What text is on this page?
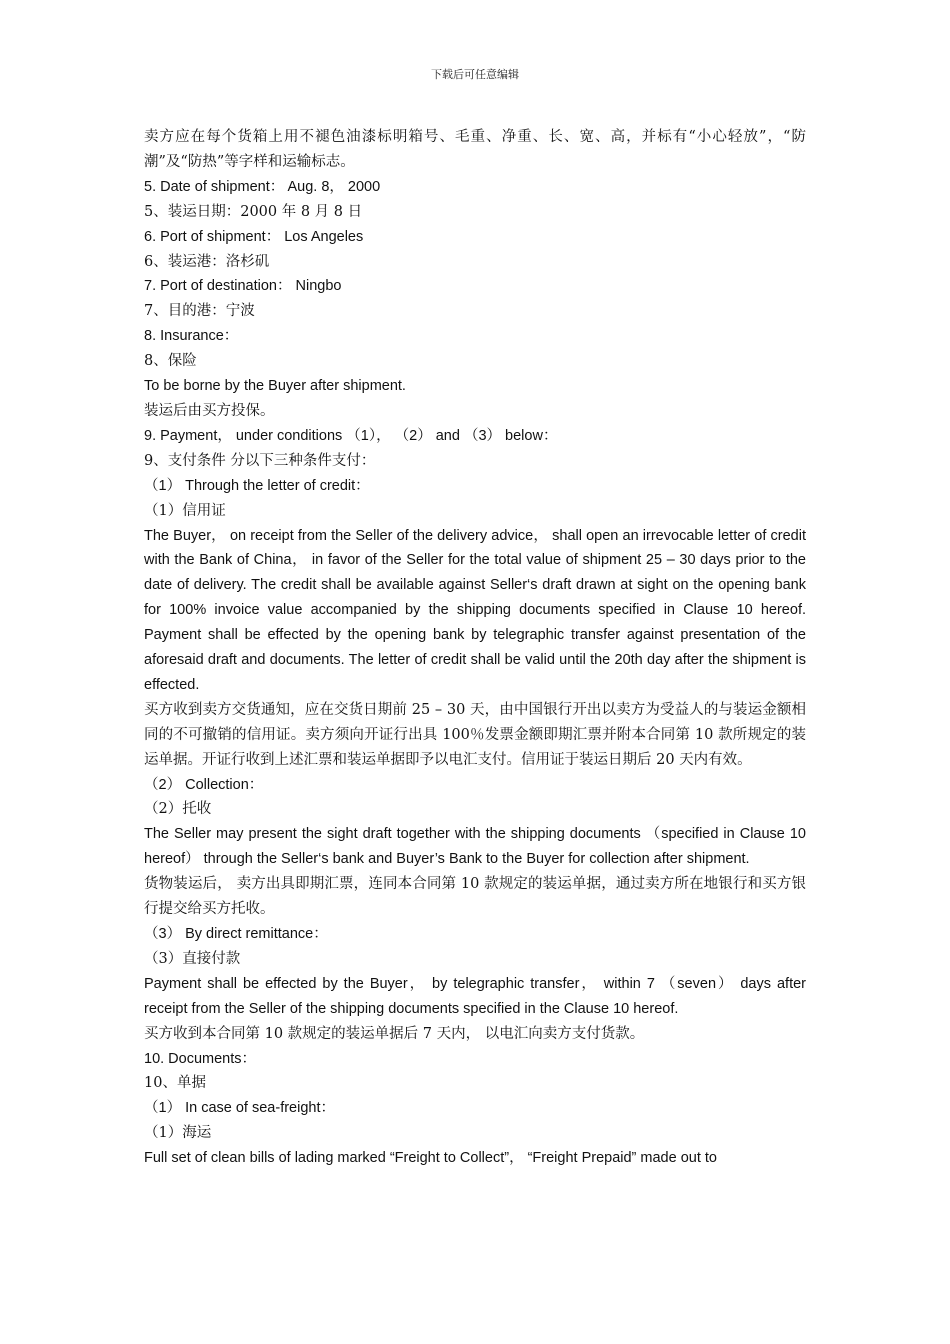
下载后可任意编辑
卖方应在每个货箱上用不褪色油漆标明箱号、毛重、净重、长、宽、高，并标有“小心轻放”，“防潮”及“防热”等字样和运输标志。
5. Date of shipment： Aug. 8， 2000
5、装运日期：2000 年 8 月 8 日
6. Port of shipment： Los Angeles
6、装运港：洛杉矶
7. Port of destination： Ningbo
7、目的港：宁波
8. Insurance：
8、保险
To be borne by the Buyer after shipment.
装运后由买方投保。
9. Payment， under conditions （1）， （2） and （3） below：
9、支付条件 分以下三种条件支付：
（1） Through the letter of credit：
（1）信用证
The Buyer， on receipt from the Seller of the delivery advice， shall open an irrevocable letter of credit with the Bank of China， in favor of the Seller for the total value of shipment 25 – 30 days prior to the date of delivery. The credit shall be available against Seller‘s draft drawn at sight on the opening bank for 100% invoice value accompanied by the shipping documents specified in Clause 10 hereof. Payment shall be effected by the opening bank by telegraphic transfer against presentation of the aforesaid draft and documents. The letter of credit shall be valid until the 20th day after the shipment is effected.
买方收到卖方交货通知，应在交货日期前 25 – 30 天，由中国银行开出以卖方为受益人的与装运金额相同的不可撤销的信用证。卖方须向开证行出具 100％发票金额即期汇票并附本合同第 10 款所规定的装运单据。开证行收到上述汇票和装运单据即予以电汇支付。信用证于装运日期后 20 天内有效。
（2） Collection：
（2）托收
The Seller may present the sight draft together with the shipping documents （specified in Clause 10 hereof） through the Seller‘s bank and Buyer’s Bank to the Buyer for collection after shipment.
货物装运后， 卖方出具即期汇票，连同本合同第 10 款规定的装运单据，通过卖方所在地银行和买方银行提交给买方托收。
（3） By direct remittance：
（3）直接付款
Payment shall be effected by the Buyer， by telegraphic transfer， within 7 （seven） days after receipt from the Seller of the shipping documents specified in the Clause 10 hereof.
买方收到本合同第 10 款规定的装运单据后 7 天内， 以电汇向卖方支付货款。
10. Documents：
10、单据
（1） In case of sea-freight：
（1）海运
Full set of clean bills of lading marked “Freight to Collect”， “Freight Prepaid” made out to
